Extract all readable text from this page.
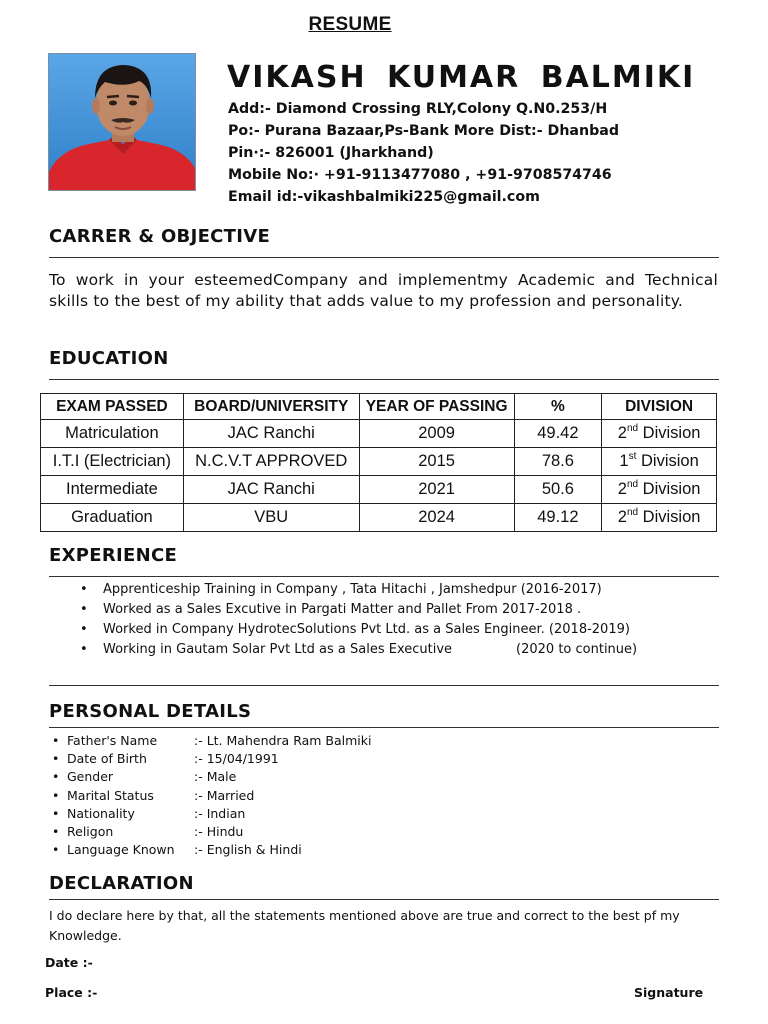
RESUME
VIKASH KUMAR BALMIKI
Add:- Diamond Crossing RLY,Colony Q.N0.253/H
Po:- Purana Bazaar,Ps-Bank More Dist:- Dhanbad
Pin·:- 826001 (Jharkhand)
Mobile No:· +91-9113477080 , +91-9708574746
Email id:-vikashbalmiki225@gmail.com
CARRER & OBJECTIVE
To work in your esteemedCompany and implementmy Academic and Technical skills to the best of my ability that adds value to my profession and personality.
EDUCATION
EXAM PASSED	BOARD/UNIVERSITY	YEAR OF PASSING	%	DIVISION
Matriculation	JAC Ranchi	2009	49.42	2nd Division
I.T.I (Electrician)	N.C.V.T APPROVED	2015	78.6	1st Division
Intermediate	JAC Ranchi	2021	50.6	2nd Division
Graduation	VBU	2024	49.12	2nd Division
EXPERIENCE
• Apprenticeship Training in Company , Tata Hitachi , Jamshedpur (2016-2017)
• Worked as a Sales Excutive in Pargati Matter and Pallet From 2017-2018 .
• Worked in Company HydrotecSolutions Pvt Ltd. as a Sales Engineer. (2018-2019)
• Working in Gautam Solar Pvt Ltd as a Sales Executive	(2020 to continue)
PERSONAL DETAILS
• Father's Name	:- Lt. Mahendra Ram Balmiki
• Date of Birth	:- 15/04/1991
• Gender	:- Male
• Marital Status	:- Married
• Nationality	:- Indian
• Religon	:- Hindu
• Language Known :- English & Hindi
DECLARATION
I do declare here by that, all the statements mentioned above are true and correct to the best pf my Knowledge.
Date :-
Place :-	Signature
